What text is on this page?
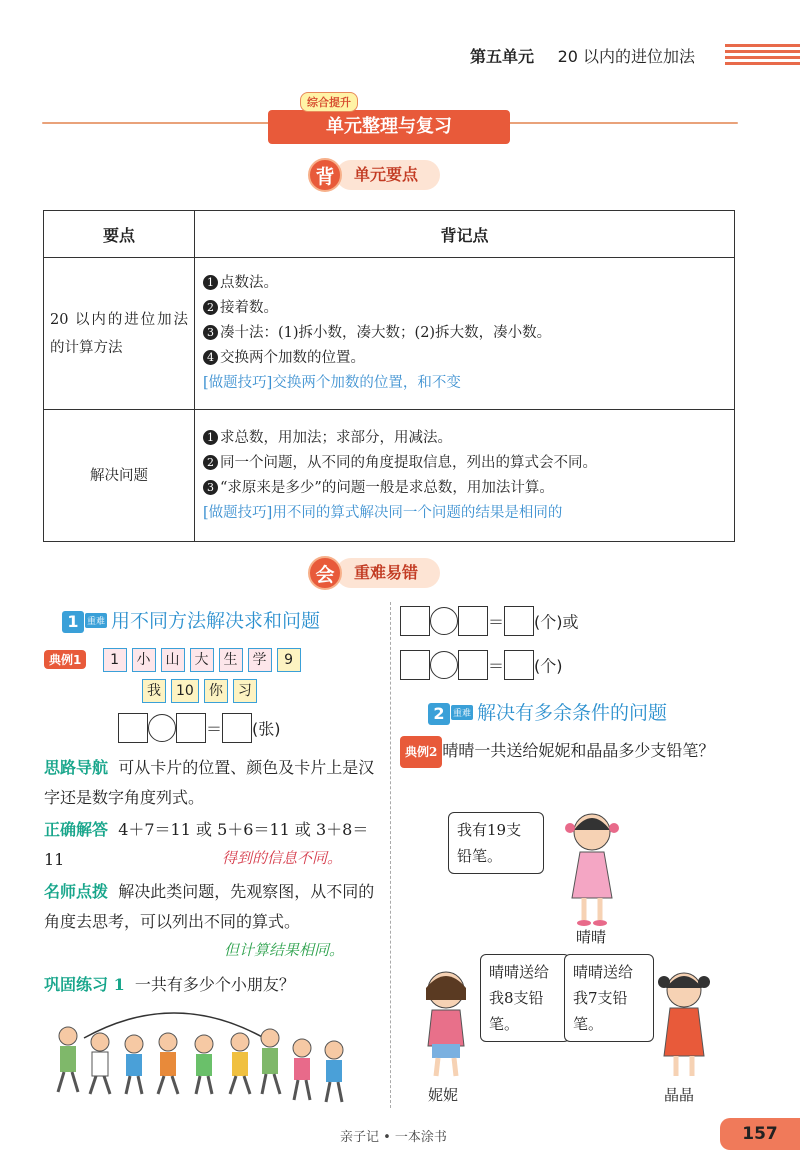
第五单元 20 以内的进位加法
单元整理与复习
综合提升
单元要点
背
要点	背记点
20 以内的进位加法的计算方法	1 点数法。
2 接着数。
3 凑十法：(1)拆小数，凑大数；(2)拆大数，凑小数。
4 交换两个加数的位置。
[做题技巧]交换两个加数的位置，和不变

解决问题	1 求总数，用加法；求部分，用减法。
2 同一个问题，从不同的角度提取信息，列出的算式会不同。
3 “求原来是多少”的问题一般是求总数，用加法计算。
[做题技巧]用不同的算式解决同一个问题的结果是相同的
重难易错
会
1 重难 用不同方法解决求和问题
典例1 1 小 山 大 生 学 9
我 10 你 习
＝ (张)
思路导航 可从卡片的位置、颜色及卡片上是汉字还是数字角度列式。
正确解答 4＋7＝11 或 5＋6＝11 或 3＋8＝11	得到的信息不同。
名师点拨 解决此类问题，先观察图，从不同的角度去思考，可以列出不同的算式。
但计算结果相同。
巩固练习 1 一共有多少个小朋友？
＝ (个)或
＝ (个)
2 重难 解决有多余条件的问题
典例2 晴晴一共送给妮妮和晶晶多少支铅笔？
我有19支铅笔。
晴晴
晴晴送给我8支铅笔。
晴晴送给我7支铅笔。
妮妮	晶晶
亲子记 • 一本涂书	157
